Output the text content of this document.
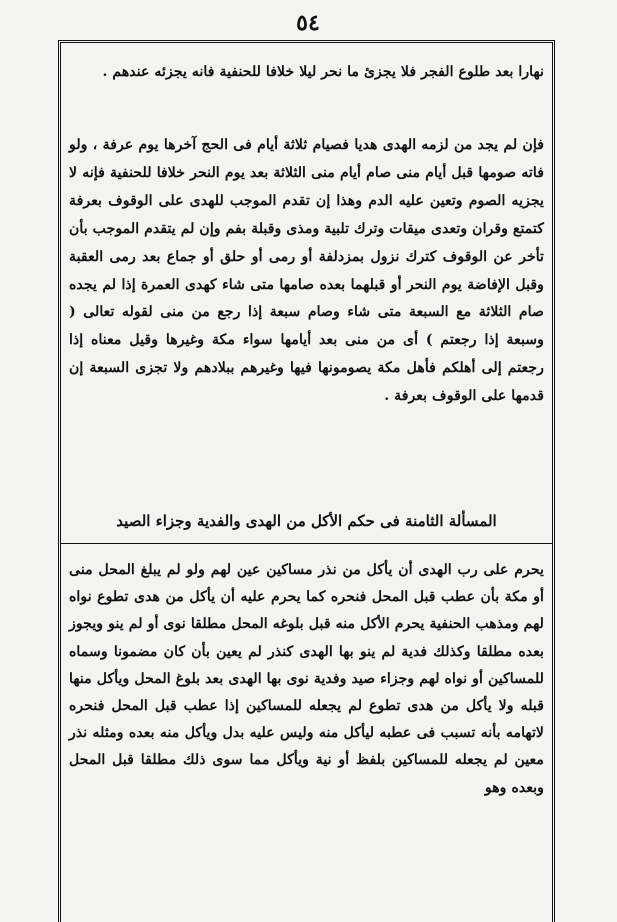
٥٤

نهارا بعد طلوع الفجر فلا يجزئ ما نحر ليلا خلافا للحنفية فانه يجزئه عندهم .

فإن لم يجد من لزمه الهدى هديا فصيام ثلاثة أيام فى الحج آخرها يوم عرفة ، ولو فاته صومها قبل أيام منى صام أيام منى الثلاثة بعد يوم النحر خلافا للحنفية فإنه لا يجزيه الصوم وتعين عليه الدم وهذا إن تقدم الموجب للهدى على الوقوف بعرفة كتمتع وقران وتعدى ميقات وترك تلبية ومذى وقبلة بفم وإن لم يتقدم الموجب بأن تأخر عن الوقوف كترك نزول بمزدلفة أو رمى أو حلق أو جماع بعد رمى العقبة وقبل الإفاضة يوم النحر أو قبلهما بعده صامها متى شاء كهدى العمرة إذا لم يجده صام الثلاثة مع السبعة متى شاء وصام سبعة إذا رجع من منى لقوله تعالى ( وسبعة إذا رجعتم ) أى من منى بعد أيامها سواء مكة وغيرها وقيل معناه إذا رجعتم إلى أهلكم فأهل مكة يصومونها فيها وغيرهم ببلادهم ولا تجزى السبعة إن قدمها على الوقوف بعرفة .

المسألة الثامنة فى حكم الأكل من الهدى والفدية وجزاء الصيد

يحرم على رب الهدى أن يأكل من نذر مساكين عين لهم ولو لم يبلغ المحل منى أو مكة بأن عطب قبل المحل فنحره كما يحرم عليه أن يأكل من هدى تطوع نواه لهم ومذهب الحنفية يحرم الأكل منه قبل بلوغه المحل مطلقا نوى أو لم ينو ويجوز بعده مطلقا وكذلك فدية لم ينو بها الهدى كنذر لم يعين بأن كان مضمونا وسماه للمساكين أو نواه لهم وجزاء صيد وفدية نوى بها الهدى بعد بلوغ المحل ويأكل منها قبله ولا يأكل من هدى تطوع لم يجعله للمساكين إذا عطب قبل المحل فنحره لاتهامه بأنه تسبب فى عطبه ليأكل منه وليس عليه بدل ويأكل منه بعده ومثله نذر معين لم يجعله للمساكين بلفظ أو نية ويأكل مما سوى ذلك مطلقا قبل المحل وبعده وهو
